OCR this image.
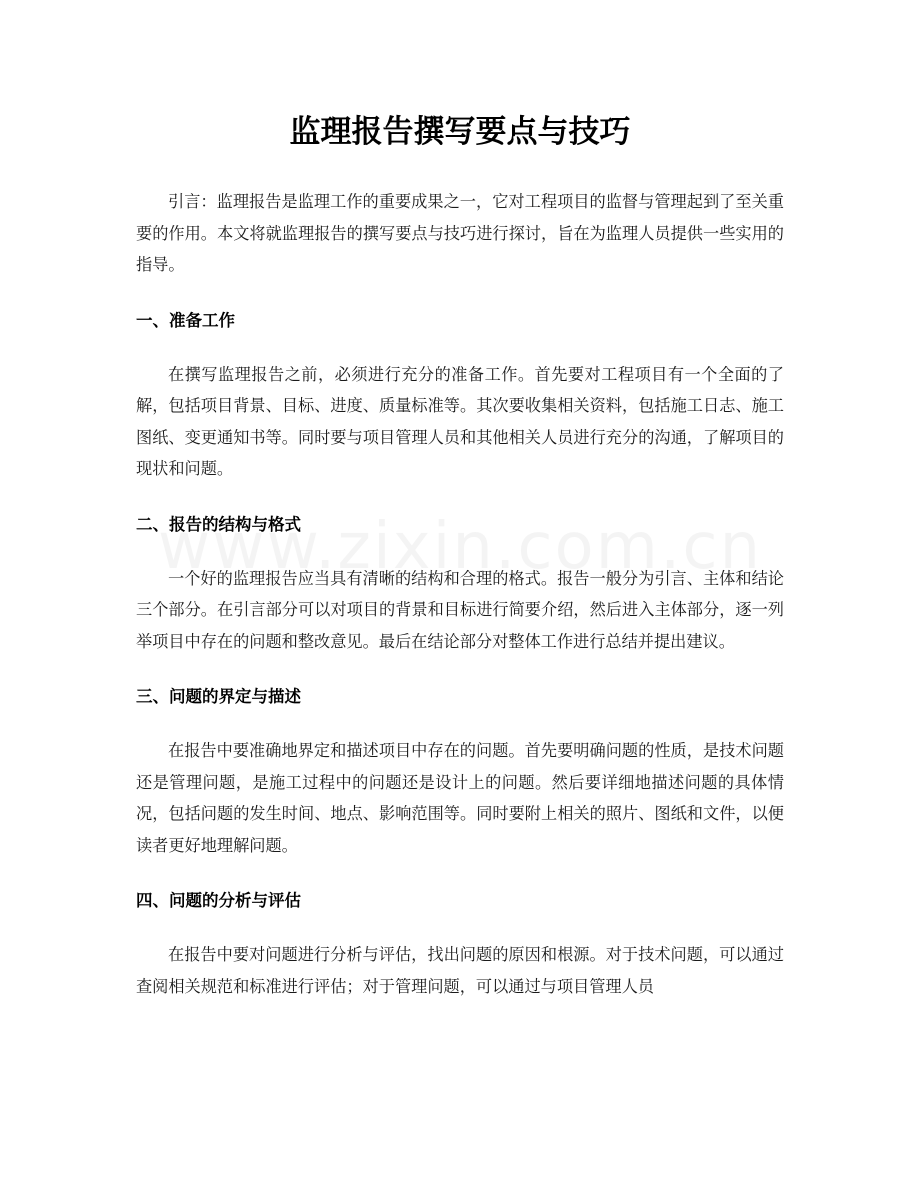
监理报告撰写要点与技巧

引言：监理报告是监理工作的重要成果之一，它对工程项目的监督与管理起到了至关重要的作用。本文将就监理报告的撰写要点与技巧进行探讨，旨在为监理人员提供一些实用的指导。

一、准备工作

在撰写监理报告之前，必须进行充分的准备工作。首先要对工程项目有一个全面的了解，包括项目背景、目标、进度、质量标准等。其次要收集相关资料，包括施工日志、施工图纸、变更通知书等。同时要与项目管理人员和其他相关人员进行充分的沟通，了解项目的现状和问题。

二、报告的结构与格式

一个好的监理报告应当具有清晰的结构和合理的格式。报告一般分为引言、主体和结论三个部分。在引言部分可以对项目的背景和目标进行简要介绍，然后进入主体部分，逐一列举项目中存在的问题和整改意见。最后在结论部分对整体工作进行总结并提出建议。

三、问题的界定与描述

在报告中要准确地界定和描述项目中存在的问题。首先要明确问题的性质，是技术问题还是管理问题，是施工过程中的问题还是设计上的问题。然后要详细地描述问题的具体情况，包括问题的发生时间、地点、影响范围等。同时要附上相关的照片、图纸和文件，以便读者更好地理解问题。

四、问题的分析与评估

在报告中要对问题进行分析与评估，找出问题的原因和根源。对于技术问题，可以通过查阅相关规范和标准进行评估；对于管理问题，可以通过与项目管理人员
